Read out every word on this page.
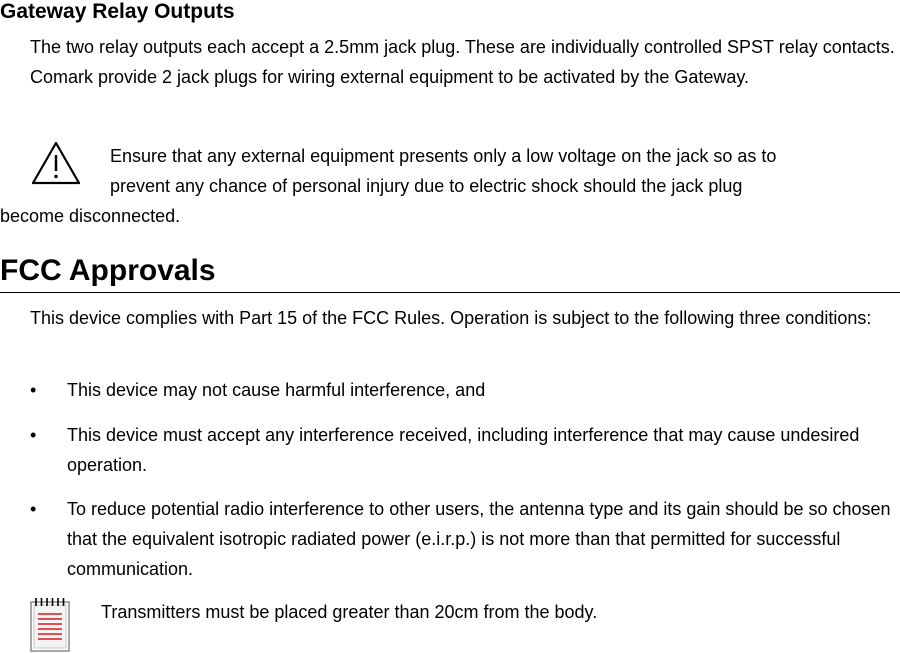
Gateway Relay Outputs
The two relay outputs each accept a 2.5mm jack plug. These are individually controlled SPST relay contacts. Comark provide 2 jack plugs for wiring external equipment to be activated by the Gateway.
Ensure that any external equipment presents only a low voltage on the jack so as to
prevent any chance of personal injury due to electric shock should the jack plug
become disconnected.
FCC Approvals
This device complies with Part 15 of the FCC Rules. Operation is subject to the following three conditions:
•	This device may not cause harmful interference, and
•	This device must accept any interference received, including interference that may cause undesired operation.
•	To reduce potential radio interference to other users, the antenna type and its gain should be so chosen that the equivalent isotropic radiated power (e.i.r.p.) is not more than that permitted for successful communication.
Transmitters must be placed greater than 20cm from the body.
